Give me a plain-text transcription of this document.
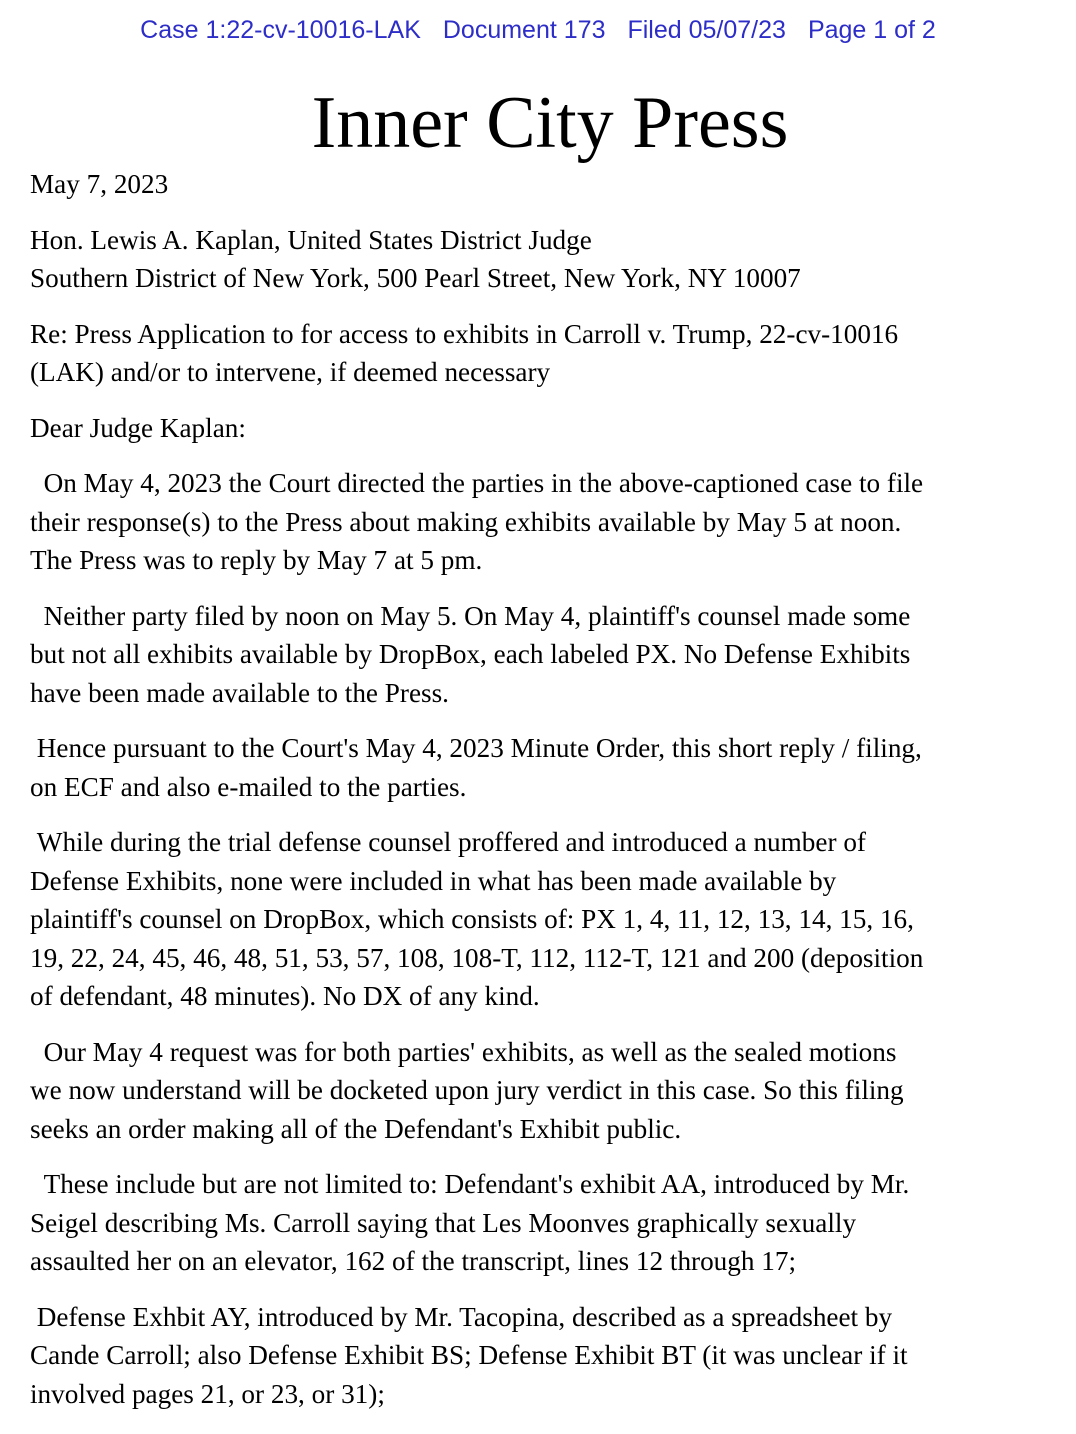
Case 1:22-cv-10016-LAK Document 173 Filed 05/07/23 Page 1 of 2
Inner City Press

May 7, 2023

Hon. Lewis A. Kaplan, United States District Judge
Southern District of New York, 500 Pearl Street, New York, NY 10007

Re: Press Application to for access to exhibits in Carroll v. Trump, 22-cv-10016
(LAK) and/or to intervene, if deemed necessary

Dear Judge Kaplan:

On May 4, 2023 the Court directed the parties in the above-captioned case to file
their response(s) to the Press about making exhibits available by May 5 at noon.
The Press was to reply by May 7 at 5 pm.

Neither party filed by noon on May 5. On May 4, plaintiff's counsel made some
but not all exhibits available by DropBox, each labeled PX. No Defense Exhibits
have been made available to the Press.

Hence pursuant to the Court's May 4, 2023 Minute Order, this short reply / filing,
on ECF and also e-mailed to the parties.

While during the trial defense counsel proffered and introduced a number of
Defense Exhibits, none were included in what has been made available by
plaintiff's counsel on DropBox, which consists of: PX 1, 4, 11, 12, 13, 14, 15, 16,
19, 22, 24, 45, 46, 48, 51, 53, 57, 108, 108-T, 112, 112-T, 121 and 200 (deposition
of defendant, 48 minutes). No DX of any kind.

Our May 4 request was for both parties' exhibits, as well as the sealed motions
we now understand will be docketed upon jury verdict in this case. So this filing
seeks an order making all of the Defendant's Exhibit public.

These include but are not limited to: Defendant's exhibit AA, introduced by Mr.
Seigel describing Ms. Carroll saying that Les Moonves graphically sexually
assaulted her on an elevator, 162 of the transcript, lines 12 through 17;

Defense Exhbit AY, introduced by Mr. Tacopina, described as a spreadsheet by
Cande Carroll; also Defense Exhibit BS; Defense Exhibit BT (it was unclear if it
involved pages 21, or 23, or 31);
